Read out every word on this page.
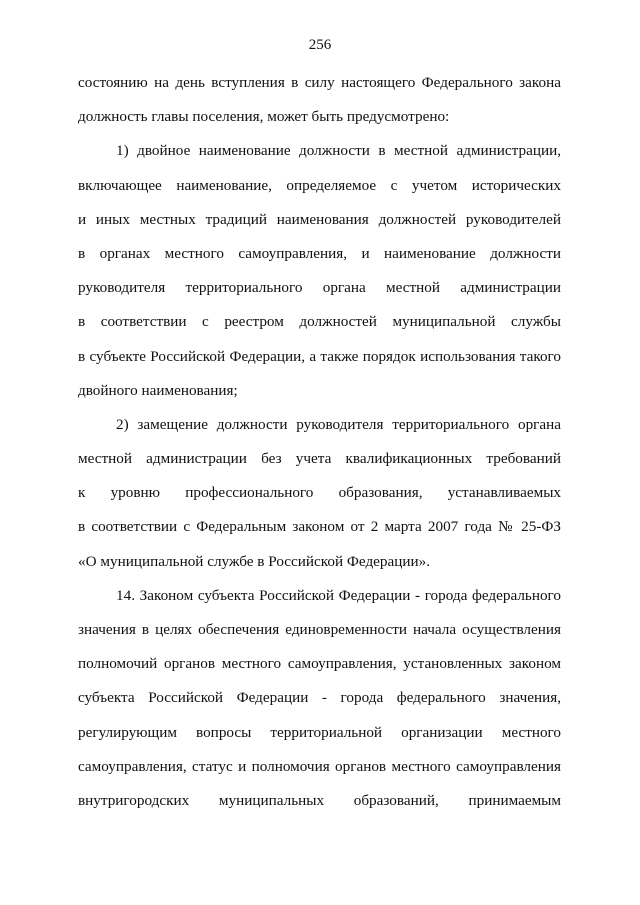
256
состоянию на день вступления в силу настоящего Федерального закона
должность главы поселения, может быть предусмотрено:
1) двойное наименование должности в местной администрации,
включающее наименование, определяемое с учетом исторических
и иных местных традиций наименования должностей руководителей
в органах местного самоуправления, и наименование должности
руководителя территориального органа местной администрации
в соответствии с реестром должностей муниципальной службы
в субъекте Российской Федерации, а также порядок использования такого
двойного наименования;
2) замещение должности руководителя территориального органа
местной администрации без учета квалификационных требований
к уровню профессионального образования, устанавливаемых
в соответствии с Федеральным законом от 2 марта 2007 года № 25-ФЗ
«О муниципальной службе в Российской Федерации».
14. Законом субъекта Российской Федерации - города федерального
значения в целях обеспечения единовременности начала осуществления
полномочий органов местного самоуправления, установленных законом
субъекта Российской Федерации - города федерального значения,
регулирующим вопросы территориальной организации местного
самоуправления, статус и полномочия органов местного самоуправления
внутригородских муниципальных образований, принимаемым
